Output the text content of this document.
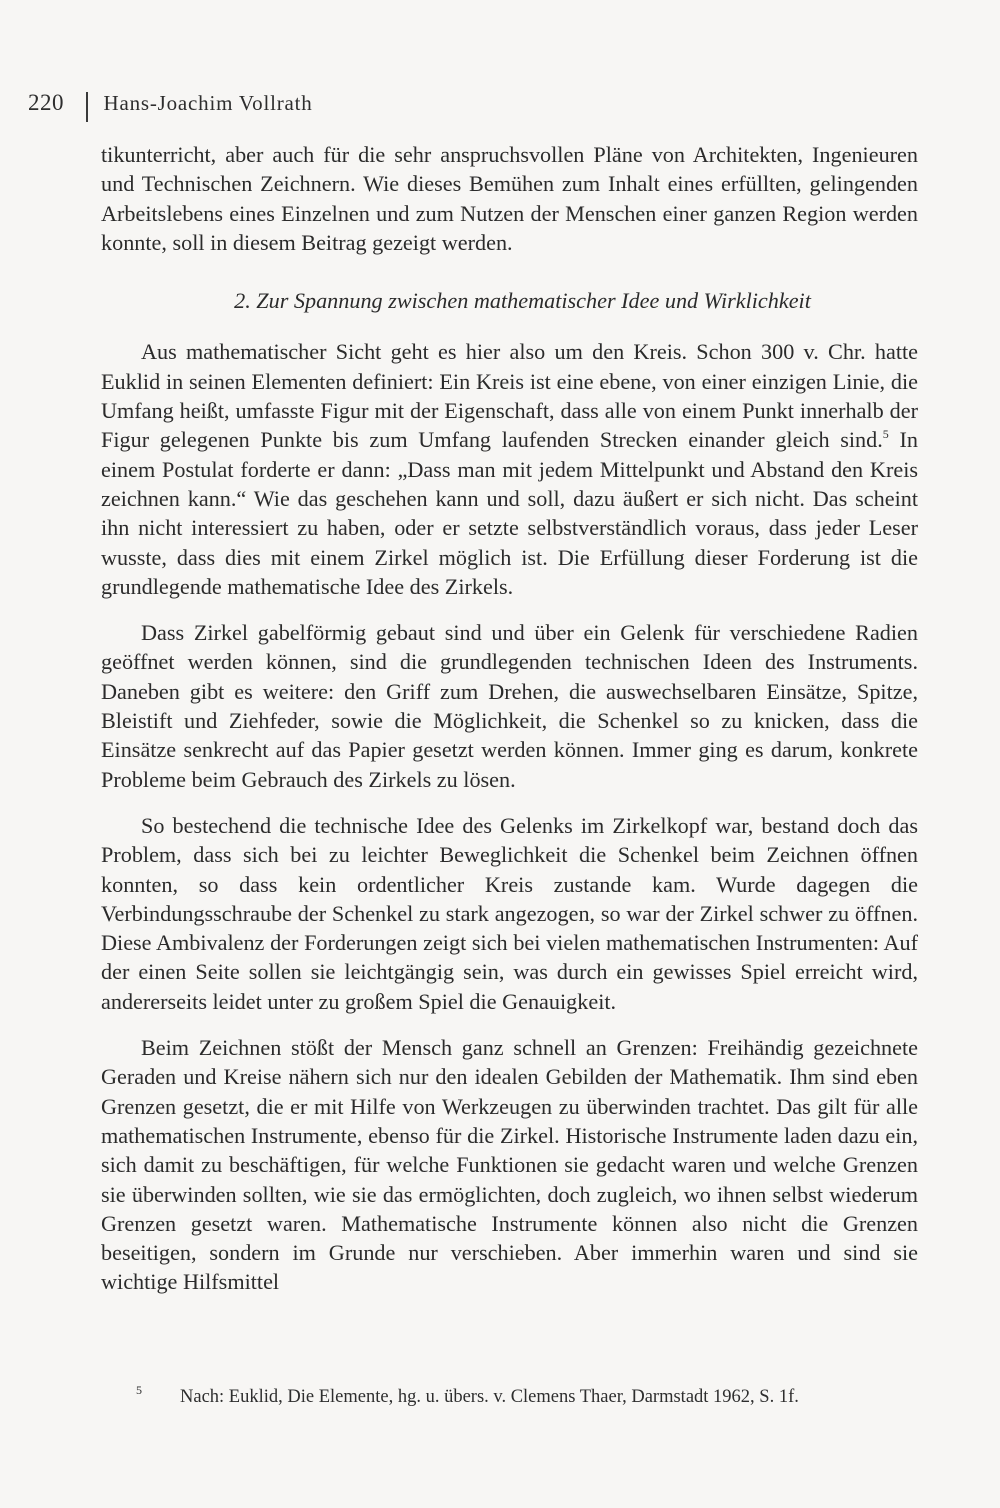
220 Hans-Joachim Vollrath

tikunterricht, aber auch für die sehr anspruchsvollen Pläne von Architekten, Ingenieuren und Technischen Zeichnern. Wie dieses Bemühen zum Inhalt eines erfüllten, gelingenden Arbeitslebens eines Einzelnen und zum Nutzen der Menschen einer ganzen Region werden konnte, soll in diesem Beitrag gezeigt werden.

2. Zur Spannung zwischen mathematischer Idee und Wirklichkeit

Aus mathematischer Sicht geht es hier also um den Kreis. Schon 300 v. Chr. hatte Euklid in seinen Elementen definiert: Ein Kreis ist eine ebene, von einer einzigen Linie, die Umfang heißt, umfasste Figur mit der Eigenschaft, dass alle von einem Punkt innerhalb der Figur gelegenen Punkte bis zum Umfang laufenden Strecken einander gleich sind.$^5$ In einem Postulat forderte er dann: „Dass man mit jedem Mittelpunkt und Abstand den Kreis zeichnen kann.“ Wie das geschehen kann und soll, dazu äußert er sich nicht. Das scheint ihn nicht interessiert zu haben, oder er setzte selbstverständlich voraus, dass jeder Leser wusste, dass dies mit einem Zirkel möglich ist. Die Erfüllung dieser Forderung ist die grundlegende mathematische Idee des Zirkels.

Dass Zirkel gabelförmig gebaut sind und über ein Gelenk für verschiedene Radien geöffnet werden können, sind die grundlegenden technischen Ideen des Instruments. Daneben gibt es weitere: den Griff zum Drehen, die auswechselbaren Einsätze, Spitze, Bleistift und Ziehfeder, sowie die Möglichkeit, die Schenkel so zu knicken, dass die Einsätze senkrecht auf das Papier gesetzt werden können. Immer ging es darum, konkrete Probleme beim Gebrauch des Zirkels zu lösen.

So bestechend die technische Idee des Gelenks im Zirkelkopf war, bestand doch das Problem, dass sich bei zu leichter Beweglichkeit die Schenkel beim Zeichnen öffnen konnten, so dass kein ordentlicher Kreis zustande kam. Wurde dagegen die Verbindungsschraube der Schenkel zu stark angezogen, so war der Zirkel schwer zu öffnen. Diese Ambivalenz der Forderungen zeigt sich bei vielen mathematischen Instrumenten: Auf der einen Seite sollen sie leichtgängig sein, was durch ein gewisses Spiel erreicht wird, andererseits leidet unter zu großem Spiel die Genauigkeit.

Beim Zeichnen stößt der Mensch ganz schnell an Grenzen: Freihändig gezeichnete Geraden und Kreise nähern sich nur den idealen Gebilden der Mathematik. Ihm sind eben Grenzen gesetzt, die er mit Hilfe von Werkzeugen zu überwinden trachtet. Das gilt für alle mathematischen Instrumente, ebenso für die Zirkel. Historische Instrumente laden dazu ein, sich damit zu beschäftigen, für welche Funktionen sie gedacht waren und welche Grenzen sie überwinden sollten, wie sie das ermöglichten, doch zugleich, wo ihnen selbst wiederum Grenzen gesetzt waren. Mathematische Instrumente können also nicht die Grenzen beseitigen, sondern im Grunde nur verschieben. Aber immerhin waren und sind sie wichtige Hilfsmittel

5 Nach: Euklid, Die Elemente, hg. u. übers. v. Clemens Thaer, Darmstadt 1962, S. 1f.
